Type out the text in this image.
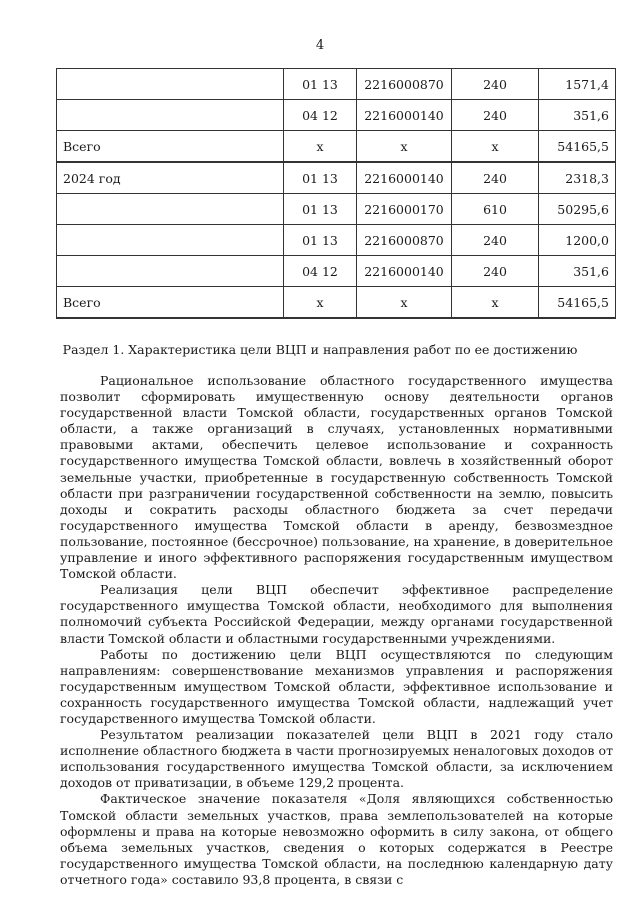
4
	01 13	2216000870	240	1571,4
	04 12	2216000140	240	351,6
Всего	х	х	х	54165,5
2024 год	01 13	2216000140	240	2318,3
	01 13	2216000170	610	50295,6
	01 13	2216000870	240	1200,0
	04 12	2216000140	240	351,6
Всего	х	х	х	54165,5
Раздел 1. Характеристика цели ВЦП и направления работ по ее достижению

Рациональное использование областного государственного имущества позволит сформировать имущественную основу деятельности органов государственной власти Томской области, государственных органов Томской области, а также организаций в случаях, установленных нормативными правовыми актами, обеспечить целевое использование и сохранность государственного имущества Томской области, вовлечь в хозяйственный оборот земельные участки, приобретенные в государственную собственность Томской области при разграничении государственной собственности на землю, повысить доходы и сократить расходы областного бюджета за счет передачи государственного имущества Томской области в аренду, безвозмездное пользование, постоянное (бессрочное) пользование, на хранение, в доверительное управление и иного эффективного распоряжения государственным имуществом Томской области.

Реализация цели ВЦП обеспечит эффективное распределение государственного имущества Томской области, необходимого для выполнения полномочий субъекта Российской Федерации, между органами государственной власти Томской области и областными государственными учреждениями.

Работы по достижению цели ВЦП осуществляются по следующим направлениям: совершенствование механизмов управления и распоряжения государственным имуществом Томской области, эффективное использование и сохранность государственного имущества Томской области, надлежащий учет государственного имущества Томской области.

Результатом реализации показателей цели ВЦП в 2021 году стало исполнение областного бюджета в части прогнозируемых неналоговых доходов от использования государственного имущества Томской области, за исключением доходов от приватизации, в объеме 129,2 процента.

Фактическое значение показателя «Доля являющихся собственностью Томской области земельных участков, права землепользователей на которые оформлены и права на которые невозможно оформить в силу закона, от общего объема земельных участков, сведения о которых содержатся в Реестре государственного имущества Томской области, на последнюю календарную дату отчетного года» составило 93,8 процента, в связи с
